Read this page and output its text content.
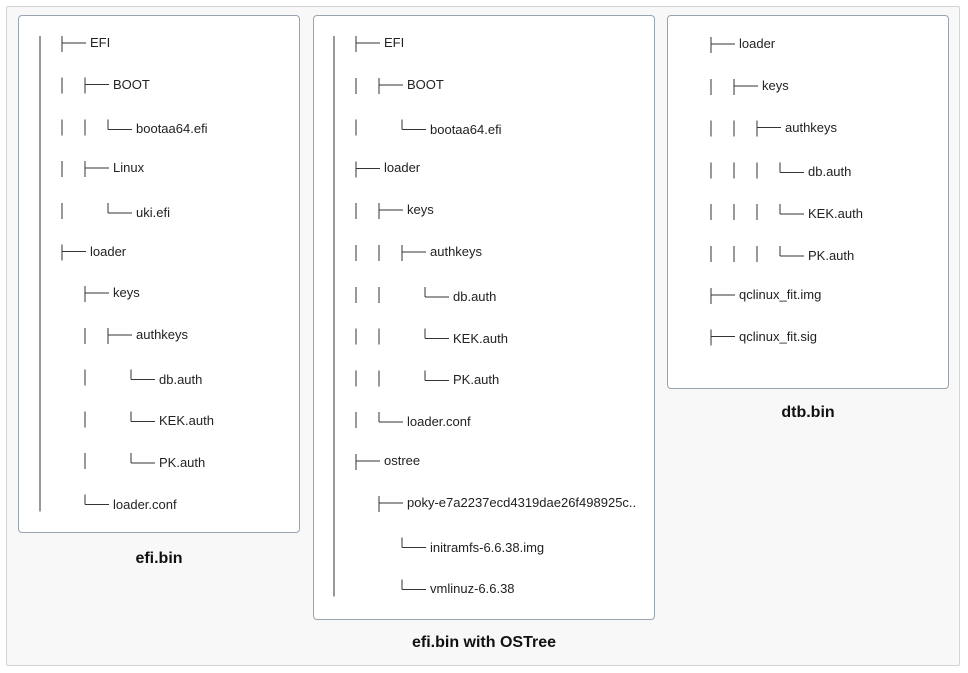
EFI
BOOT
bootaa64.efi
Linux
uki.efi
loader
keys
authkeys
db.auth
KEK.auth
PK.auth
loader.conf
efi.bin
EFI
BOOT
bootaa64.efi
loader
keys
authkeys
db.auth
KEK.auth
PK.auth
loader.conf
ostree
poky-e7a2237ecd4319dae26f498925c..
initramfs-6.6.38.img
vmlinuz-6.6.38
efi.bin with OSTree
loader
keys
authkeys
db.auth
KEK.auth
PK.auth
qclinux_fit.img
qclinux_fit.sig
dtb.bin
